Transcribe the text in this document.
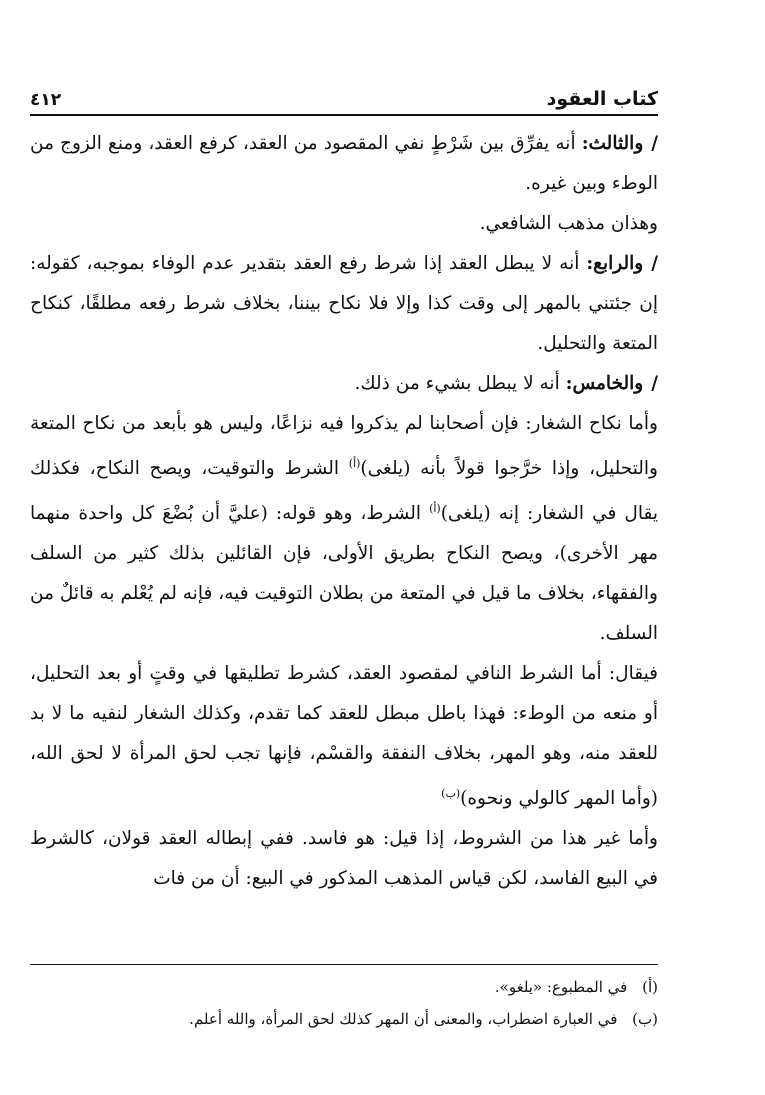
كتاب العقود
٤١٢

/والثالث: أنه يفرِّق بين شَرْطٍ نفي المقصود من العقد، كرفع العقد، ومنع الزوج من الوطء وبين غيره.

وهذان مذهب الشافعي.

/والرابع: أنه لا يبطل العقد إذا شرط رفع العقد بتقدير عدم الوفاء بموجبه، كقوله: إن جئتني بالمهر إلى وقت كذا وإلا فلا نكاح بيننا، بخلاف شرط رفعه مطلقًا، كنكاح المتعة والتحليل.

/والخامس: أنه لا يبطل بشيء من ذلك.

وأما نكاح الشغار: فإن أصحابنا لم يذكروا فيه نزاعًا، وليس هو بأبعد من نكاح المتعة والتحليل، وإذا خرَّجوا قولاً بأنه (يلغى)$^{(أ)}$ الشرط والتوقيت، ويصح النكاح، فكذلك يقال في الشغار: إنه (يلغى)$^{(أ)}$ الشرط، وهو قوله: (عليَّ أن بُضْعَ كل واحدة منهما مهر الأخرى)، ويصح النكاح بطريق الأولى، فإن القائلين بذلك كثير من السلف والفقهاء، بخلاف ما قيل في المتعة من بطلان التوقيت فيه، فإنه لم يُعْلم به قائلٌ من السلف.

فيقال: أما الشرط النافي لمقصود العقد، كشرط تطليقها في وقتٍ أو بعد التحليل، أو منعه من الوطء: فهذا باطل مبطل للعقد كما تقدم، وكذلك الشغار لنفيه ما لا بد للعقد منه، وهو المهر، بخلاف النفقة والقسْم، فإنها تجب لحق المرأة لا لحق الله، (وأما المهر كالولي ونحوه)$^{(ب)}$

وأما غير هذا من الشروط، إذا قيل: هو فاسد. ففي إبطاله العقد قولان، كالشرط في البيع الفاسد، لكن قياس المذهب المذكور في البيع: أن من فات

(أ) في المطبوع: «يلغو».
(ب) في العبارة اضطراب، والمعنى أن المهر كذلك لحق المرأة، والله أعلم.
